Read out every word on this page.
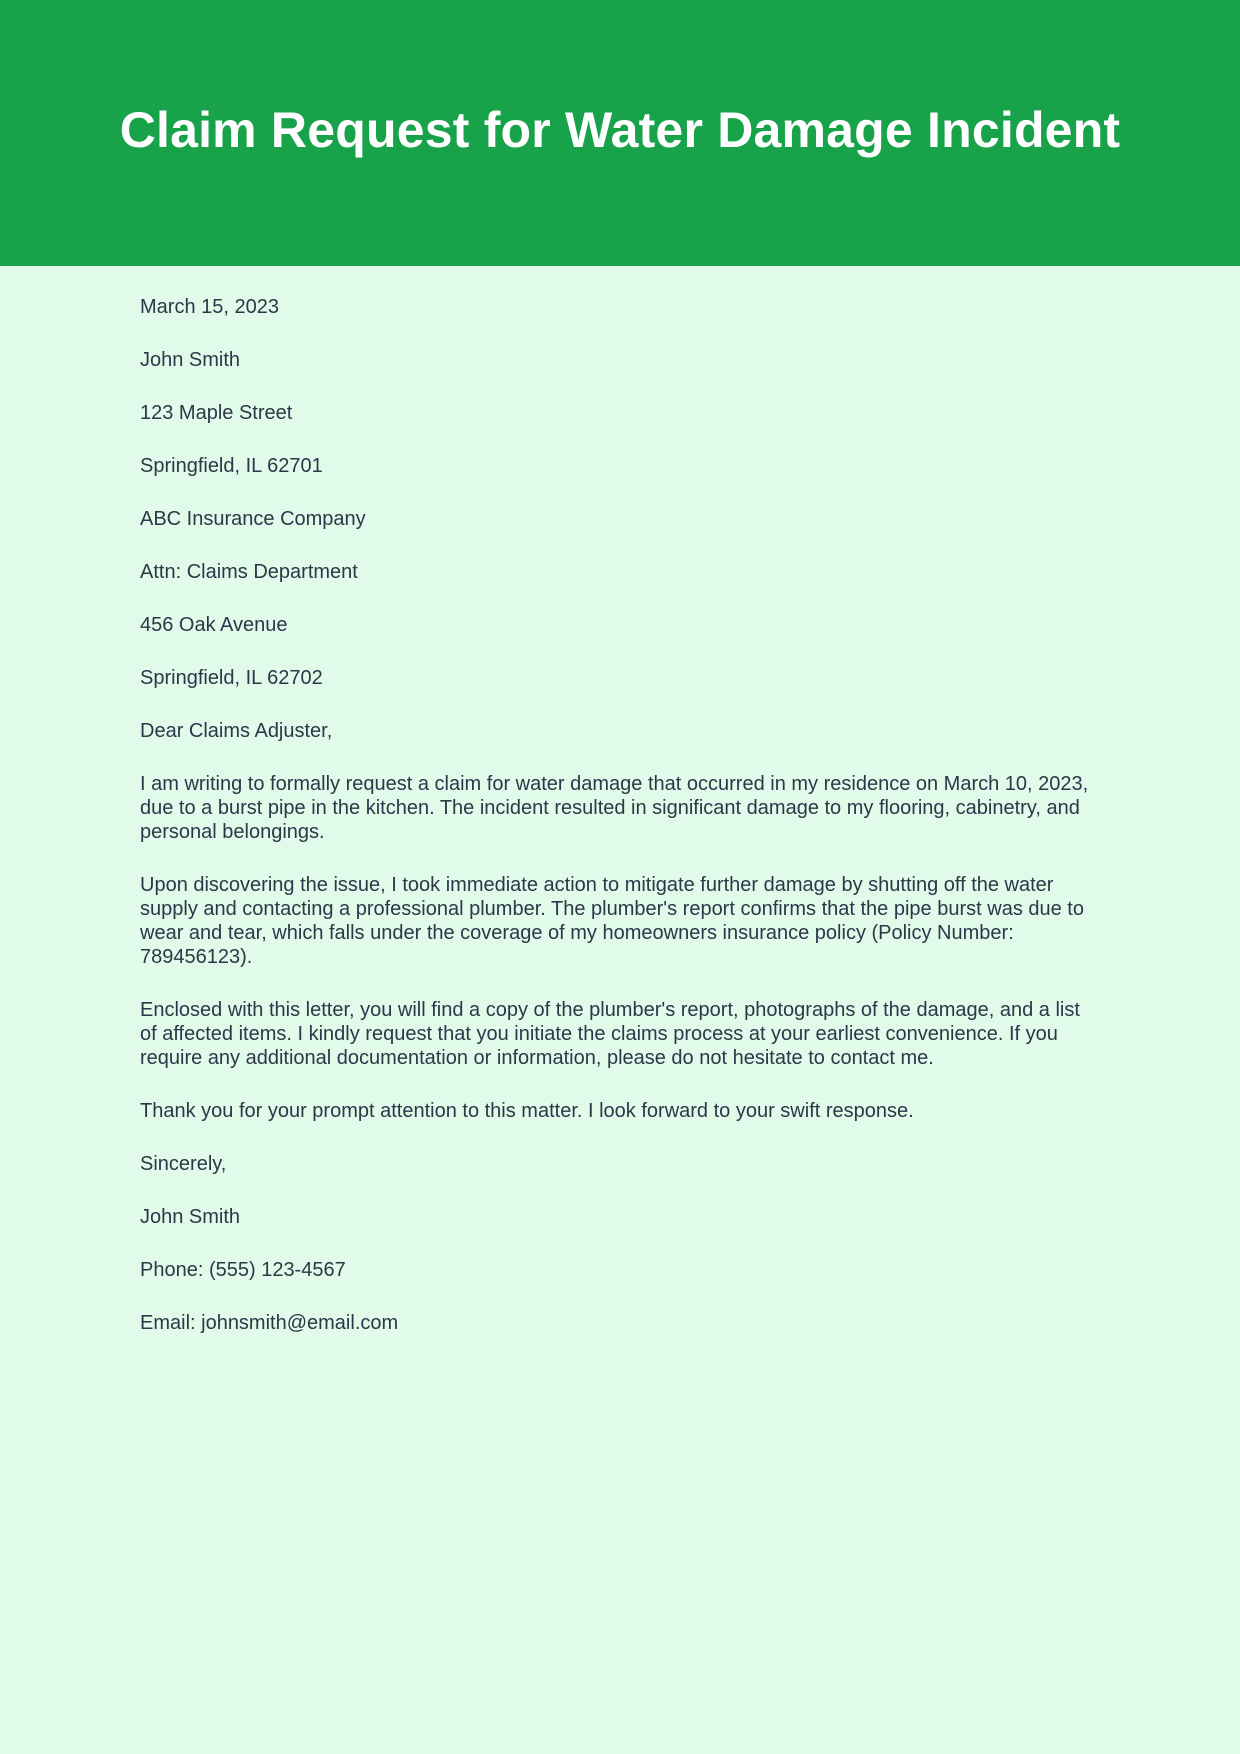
Claim Request for Water Damage Incident

March 15, 2023

John Smith

123 Maple Street

Springfield, IL 62701

ABC Insurance Company

Attn: Claims Department

456 Oak Avenue

Springfield, IL 62702

Dear Claims Adjuster,

I am writing to formally request a claim for water damage that occurred in my residence on March 10, 2023, due to a burst pipe in the kitchen. The incident resulted in significant damage to my flooring, cabinetry, and personal belongings.

Upon discovering the issue, I took immediate action to mitigate further damage by shutting off the water supply and contacting a professional plumber. The plumber's report confirms that the pipe burst was due to wear and tear, which falls under the coverage of my homeowners insurance policy (Policy Number: 789456123).

Enclosed with this letter, you will find a copy of the plumber's report, photographs of the damage, and a list of affected items. I kindly request that you initiate the claims process at your earliest convenience. If you require any additional documentation or information, please do not hesitate to contact me.

Thank you for your prompt attention to this matter. I look forward to your swift response.

Sincerely,

John Smith

Phone: (555) 123-4567

Email: johnsmith@email.com
